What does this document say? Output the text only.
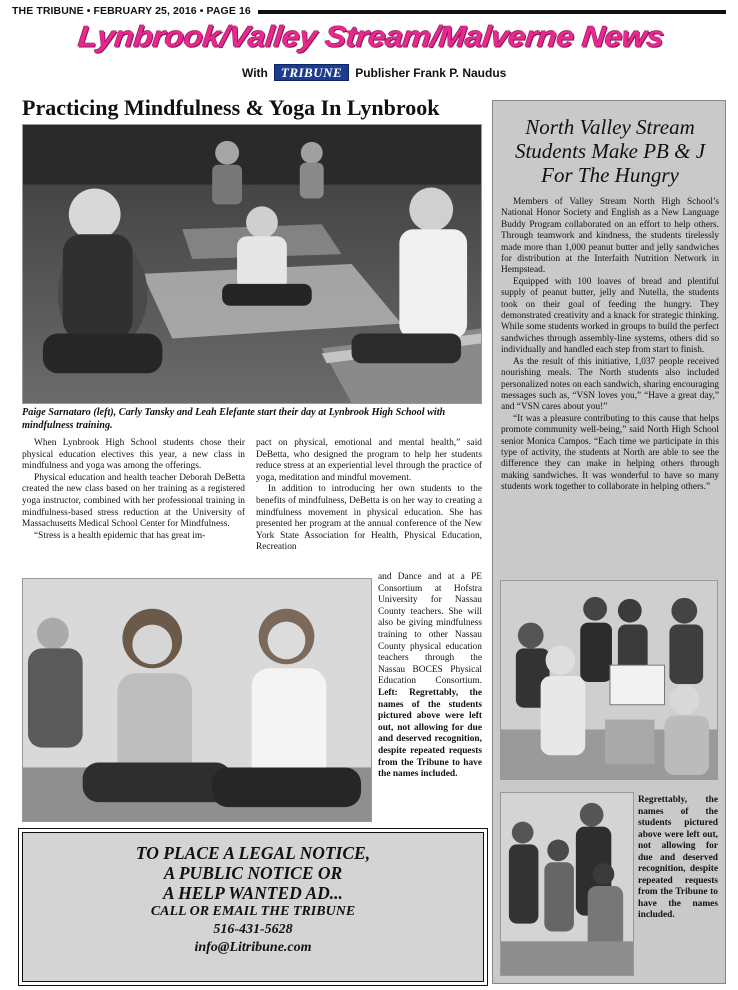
THE TRIBUNE • FEBRUARY 25, 2016 • PAGE 16
Lynbrook/Valley Stream/Malverne News
With	TRIBUNE	Publisher Frank P. Naudus
Practicing Mindfulness & Yoga In Lynbrook
Paige Sarnataro (left), Carly Tansky and Leah Elefante start their day at Lynbrook High School with mindfulness training.

When Lynbrook High School students chose their physical education electives this year, a new class in mindfulness and yoga was among the offerings.

Physical education and health teacher Deborah DeBetta created the new class based on her training as a registered yoga instructor, combined with her professional training in mindfulness-based stress reduction at the University of Massachusetts Medical School Center for Mindfulness.

“Stress is a health epidemic that has great im-

pact on physical, emotional and mental health,” said DeBetta, who designed the program to help her students reduce stress at an experiential level through the practice of yoga, meditation and mindful movement.

In addition to introducing her own students to the benefits of mindfulness, DeBetta is on her way to creating a mindfulness movement in physical education. She has presented her program at the annual conference of the New York State Association for Health, Physical Education, Recreation

and Dance and at a PE Consortium at Hofstra University for Nassau County teachers. She will also be giving mindfulness training to other Nassau County physical education teachers through the Nassau BOCES Physical Education Consortium. Left: Regrettably, the names of the students pictured above were left out, not allowing for due and deserved recognition, despite repeated requests from the Tribune to have the names included.
TO PLACE A LEGAL NOTICE,
A PUBLIC NOTICE OR
A HELP WANTED AD...
CALL OR EMAIL THE TRIBUNE
516-431-5628
info@Litribune.com
North Valley Stream
Students Make PB & J
For The Hungry

Members of Valley Stream North High School’s National Honor Society and English as a New Language Buddy Program collaborated on an effort to help others. Through teamwork and kindness, the students tirelessly made more than 1,000 peanut butter and jelly sandwiches for distribution at the Interfaith Nutrition Network in Hempstead.

Equipped with 100 loaves of bread and plentiful supply of peanut butter, jelly and Nutella, the students took on their goal of feeding the hungry. They demonstrated creativity and a knack for strategic thinking. While some students worked in groups to build the perfect sandwiches through assembly-line systems, others did so individually and handled each step from start to finish.

As the result of this initiative, 1,037 people received nourishing meals. The North students also included personalized notes on each sandwich, sharing encouraging messages such as, “VSN loves you,” “Have a great day,” and “VSN cares about you!”

“It was a pleasure contributing to this cause that helps promote community well-being,” said North High School senior Monica Campos. “Each time we participate in this type of activity, the students at North are able to see the difference they can make in helping others through making sandwiches. It was wonderful to have so many students work together to collaborate in helping others.”

Regrettably, the names of the students pictured above were left out, not allowing for due and deserved recognition, despite repeated requests from the Tribune to have the names included.
